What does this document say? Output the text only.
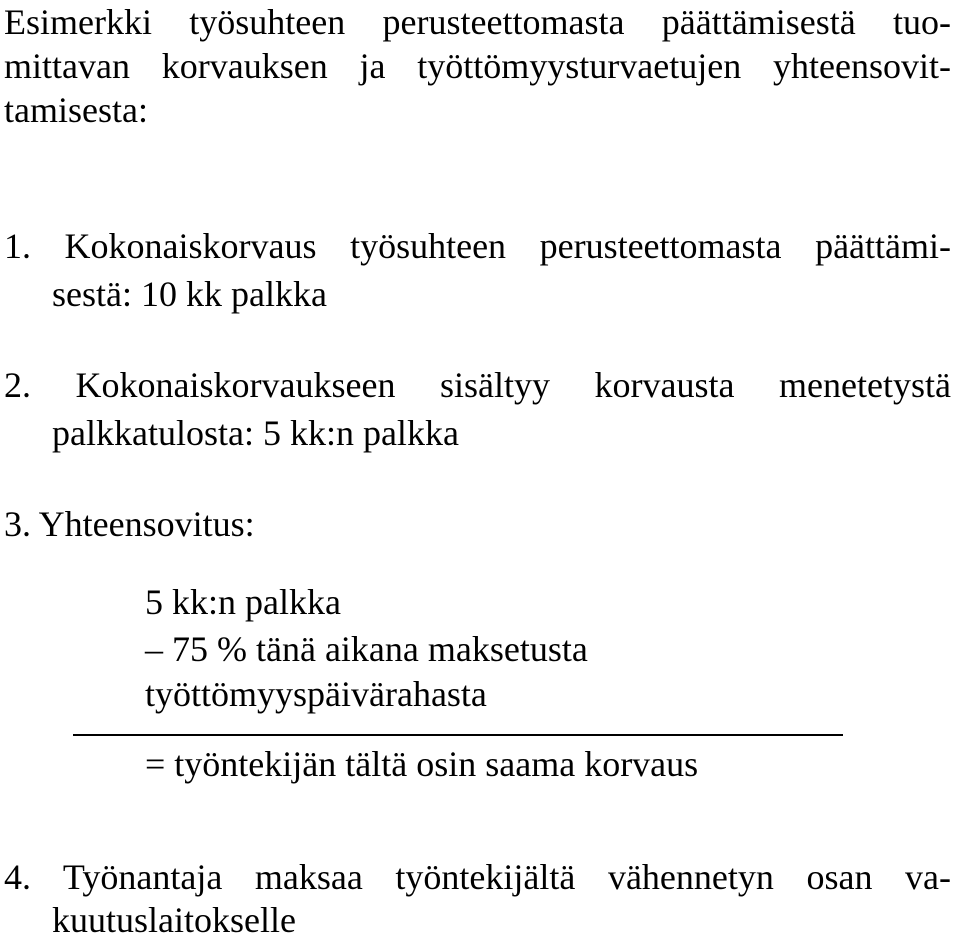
Esimerkki työsuhteen perusteettomasta päättämisestä tuo-
mittavan korvauksen ja työttömyysturvaetujen yhteensovit-
tamisesta:
1. Kokonaiskorvaus työsuhteen perusteettomasta päättämi-
sestä: 10 kk palkka
2. Kokonaiskorvaukseen sisältyy korvausta menetetystä
palkkatulosta: 5 kk:n palkka
3. Yhteensovitus:
5 kk:n palkka
– 75 % tänä aikana maksetusta
työttömyyspäivärahasta
= työntekijän tältä osin saama korvaus
4. Työnantaja maksaa työntekijältä vähennetyn osan va-
kuutuslaitokselle
